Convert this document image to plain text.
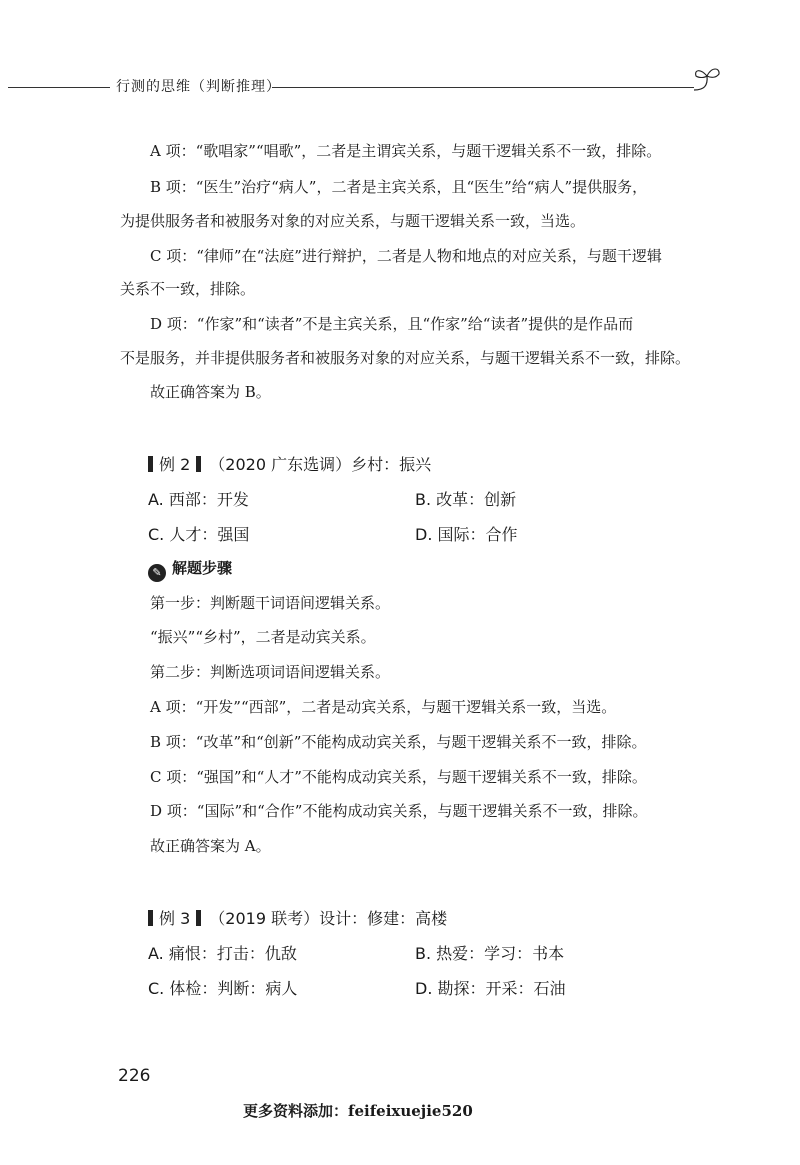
行测的思维（判断推理）
A 项：“歌唱家”“唱歌”，二者是主谓宾关系，与题干逻辑关系不一致，排除。
B 项：“医生”治疗“病人”，二者是主宾关系，且“医生”给“病人”提供服务，
为提供服务者和被服务对象的对应关系，与题干逻辑关系一致，当选。
C 项：“律师”在“法庭”进行辩护，二者是人物和地点的对应关系，与题干逻辑
关系不一致，排除。
D 项：“作家”和“读者”不是主宾关系，且“作家”给“读者”提供的是作品而
不是服务，并非提供服务者和被服务对象的对应关系，与题干逻辑关系不一致，排除。
故正确答案为 B。
例 2 （2020 广东选调）乡村：振兴
A. 西部：开发	B. 改革：创新
C. 人才：强国	D. 国际：合作
✎ 解题步骤
第一步：判断题干词语间逻辑关系。
“振兴”“乡村”，二者是动宾关系。
第二步：判断选项词语间逻辑关系。
A 项：“开发”“西部”，二者是动宾关系，与题干逻辑关系一致，当选。
B 项：“改革”和“创新”不能构成动宾关系，与题干逻辑关系不一致，排除。
C 项：“强国”和“人才”不能构成动宾关系，与题干逻辑关系不一致，排除。
D 项：“国际”和“合作”不能构成动宾关系，与题干逻辑关系不一致，排除。
故正确答案为 A。
例 3 （2019 联考）设计：修建：高楼
A. 痛恨：打击：仇敌	B. 热爱：学习：书本
C. 体检：判断：病人	D. 勘探：开采：石油
226
更多资料添加：feifeixuejie520
